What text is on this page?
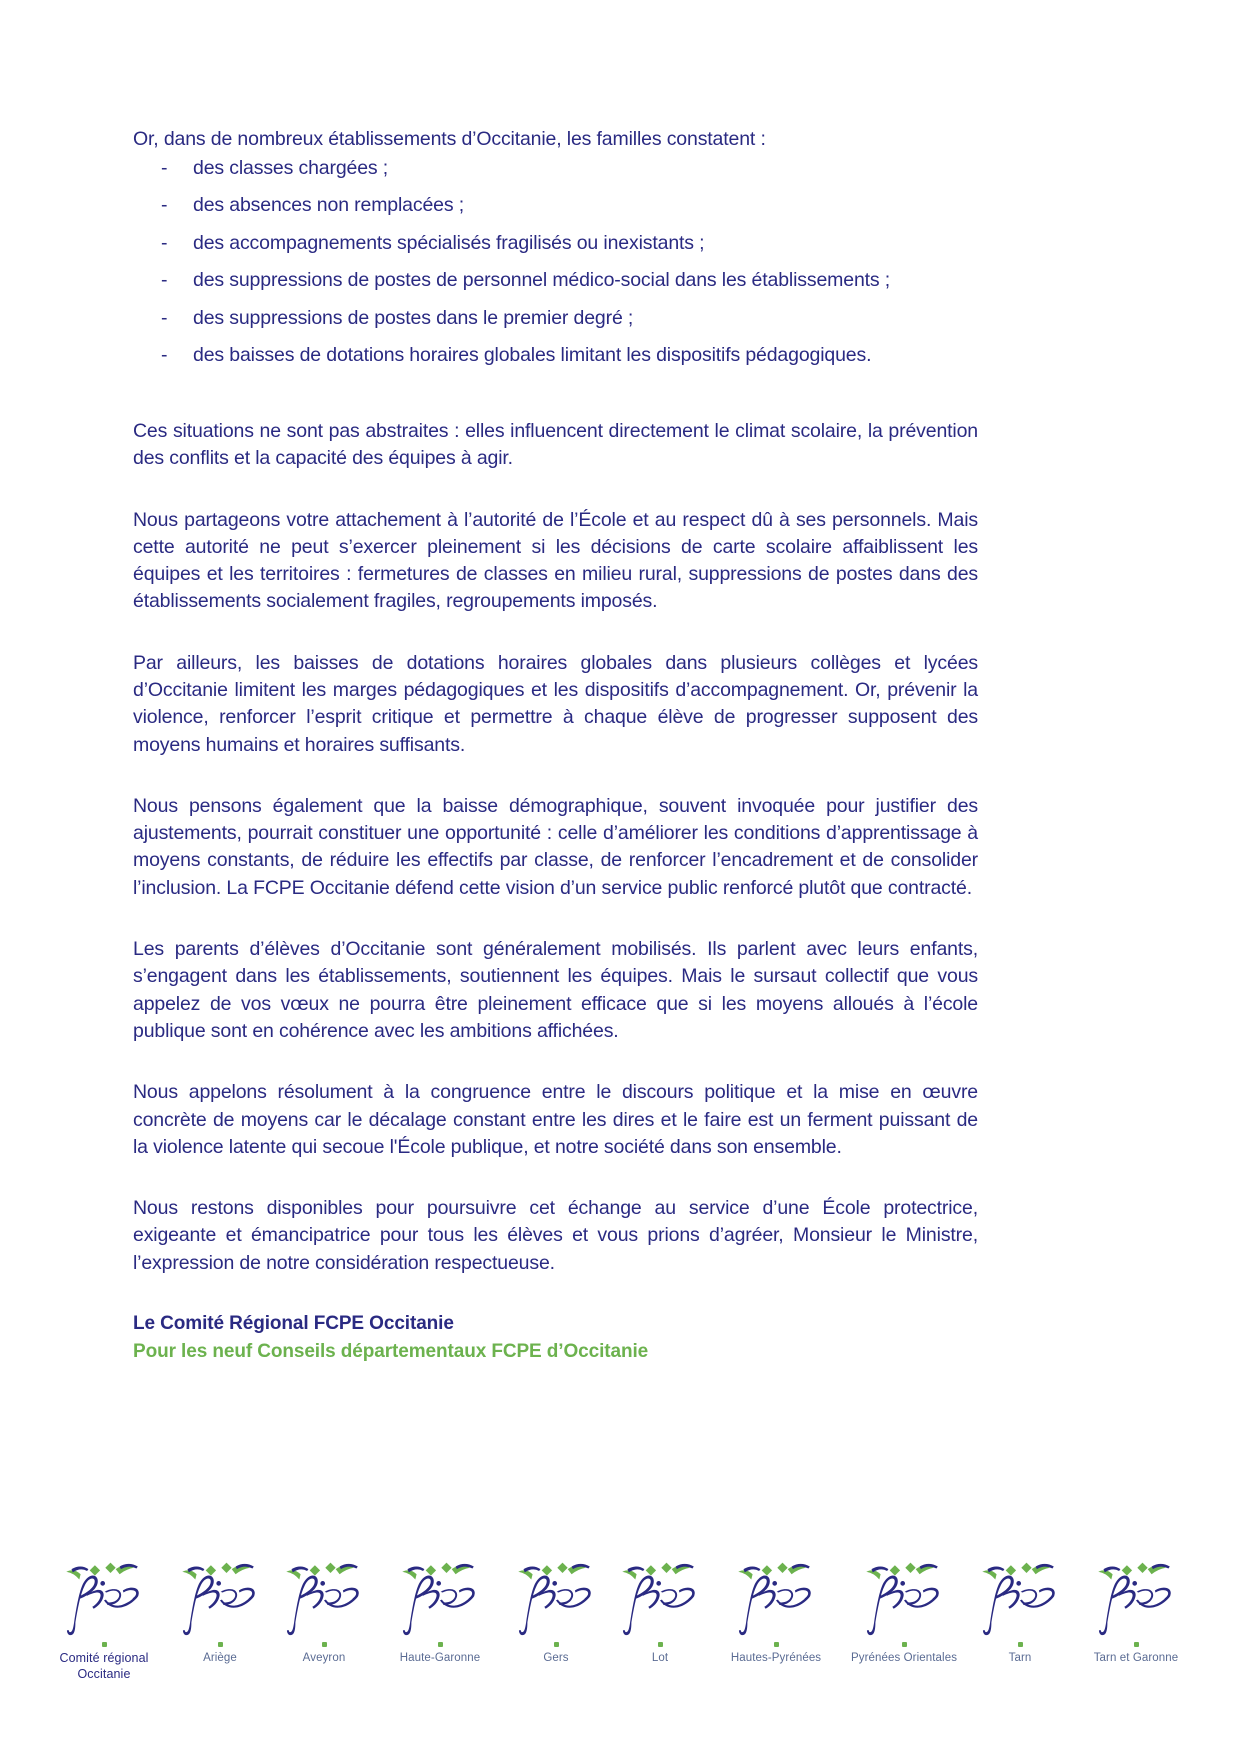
Or, dans de nombreux établissements d’Occitanie, les familles constatent :

-	des classes chargées ;
-	des absences non remplacées ;
-	des accompagnements spécialisés fragilisés ou inexistants ;
-	des suppressions de postes de personnel médico-social dans les établissements ;
-	des suppressions de postes dans le premier degré ;
-	des baisses de dotations horaires globales limitant les dispositifs pédagogiques.

Ces situations ne sont pas abstraites : elles influencent directement le climat scolaire, la prévention des conflits et la capacité des équipes à agir.

Nous partageons votre attachement à l’autorité de l’École et au respect dû à ses personnels. Mais cette autorité ne peut s’exercer pleinement si les décisions de carte scolaire affaiblissent les équipes et les territoires : fermetures de classes en milieu rural, suppressions de postes dans des établissements socialement fragiles, regroupements imposés.

Par ailleurs, les baisses de dotations horaires globales dans plusieurs collèges et lycées d’Occitanie limitent les marges pédagogiques et les dispositifs d’accompagnement. Or, prévenir la violence, renforcer l’esprit critique et permettre à chaque élève de progresser supposent des moyens humains et horaires suffisants.

Nous pensons également que la baisse démographique, souvent invoquée pour justifier des ajustements, pourrait constituer une opportunité : celle d’améliorer les conditions d’apprentissage à moyens constants, de réduire les effectifs par classe, de renforcer l’encadrement et de consolider l’inclusion. La FCPE Occitanie défend cette vision d’un service public renforcé plutôt que contracté.

Les parents d’élèves d’Occitanie sont généralement mobilisés. Ils parlent avec leurs enfants, s’engagent dans les établissements, soutiennent les équipes. Mais le sursaut collectif que vous appelez de vos vœux ne pourra être pleinement efficace que si les moyens alloués à l’école publique sont en cohérence avec les ambitions affichées.

Nous appelons résolument à la congruence entre le discours politique et la mise en œuvre concrète de moyens car le décalage constant entre les dires et le faire est un ferment puissant de la violence latente qui secoue l'École publique, et notre société dans son ensemble.

Nous restons disponibles pour poursuivre cet échange au service d’une École protectrice, exigeante et émancipatrice pour tous les élèves et vous prions d’agréer, Monsieur le Ministre, l’expression de notre considération respectueuse.

Le Comité Régional FCPE Occitanie
Pour les neuf Conseils départementaux FCPE d’Occitanie
Comité régional
Occitanie
Ariège	Aveyron	Haute-Garonne	Gers	Lot	Hautes-Pyrénées	Pyrénées Orientales	Tarn	Tarn et Garonne
